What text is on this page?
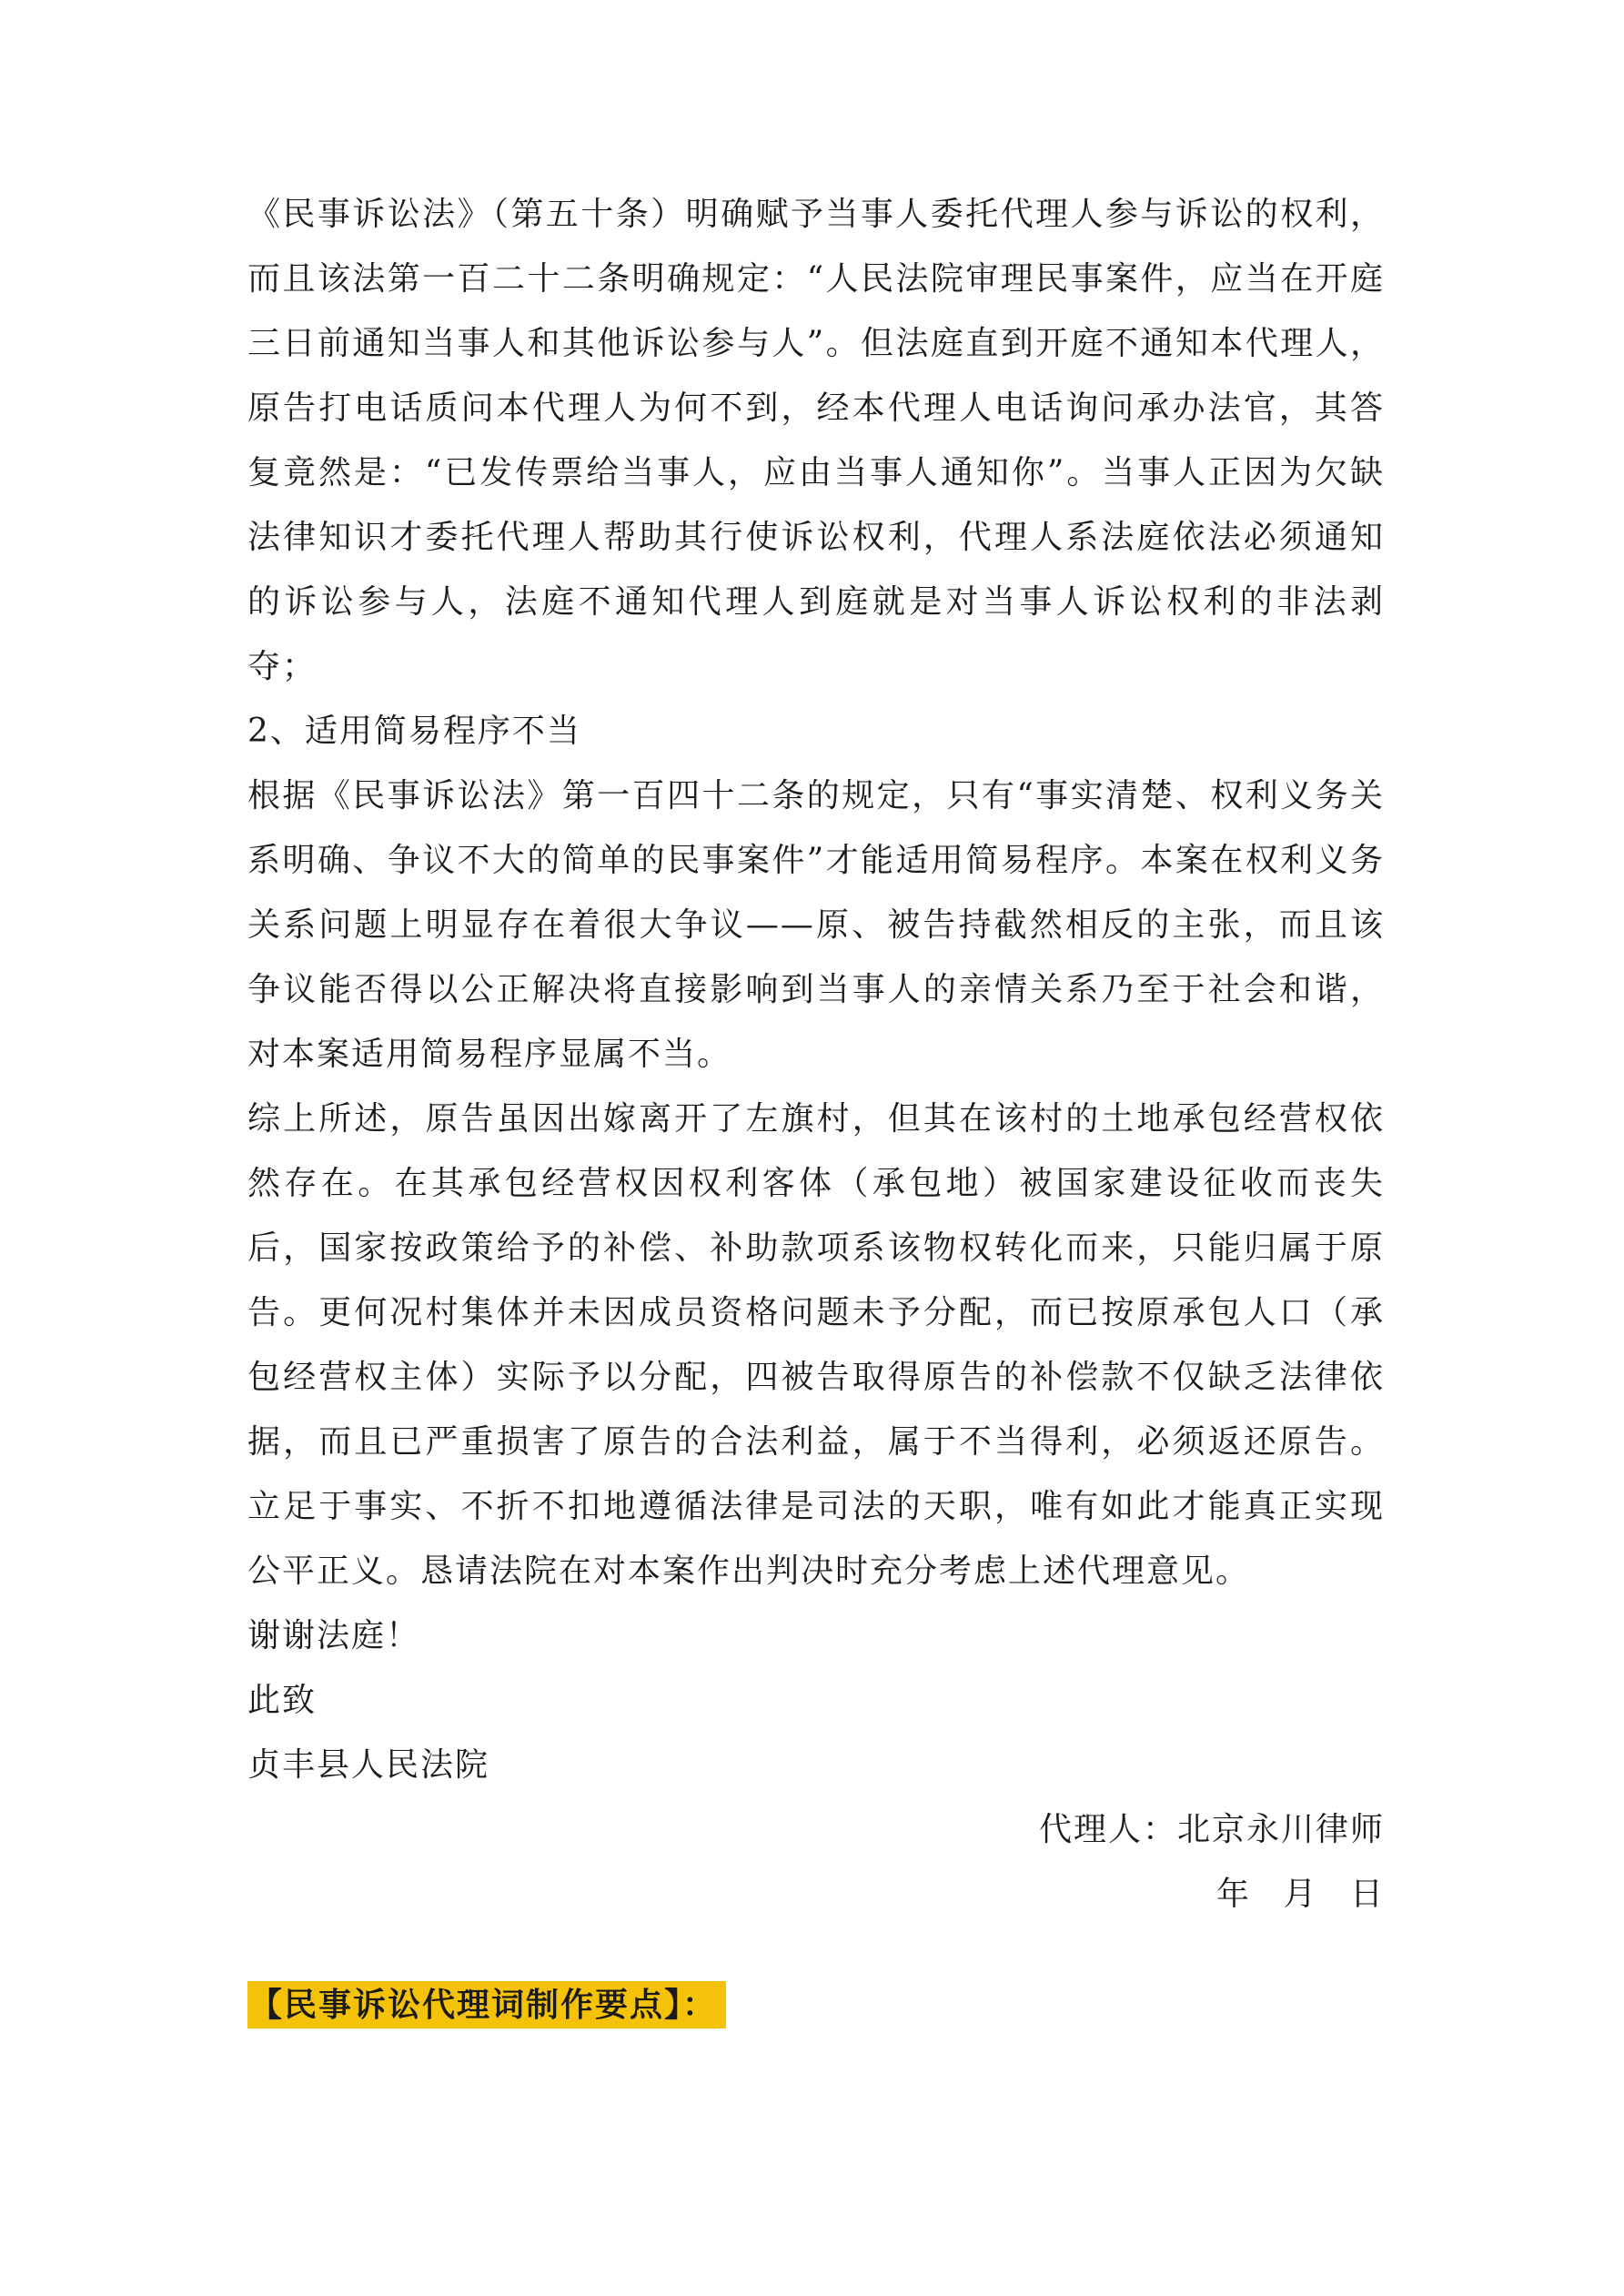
《民事诉讼法》（第五十条）明确赋予当事人委托代理人参与诉讼的权利，而且该法第一百二十二条明确规定：“人民法院审理民事案件，应当在开庭三日前通知当事人和其他诉讼参与人”。但法庭直到开庭不通知本代理人，原告打电话质问本代理人为何不到，经本代理人电话询问承办法官，其答复竟然是：“已发传票给当事人，应由当事人通知你”。当事人正因为欠缺法律知识才委托代理人帮助其行使诉讼权利，代理人系法庭依法必须通知的诉讼参与人，法庭不通知代理人到庭就是对当事人诉讼权利的非法剥夺；

2、适用简易程序不当

根据《民事诉讼法》第一百四十二条的规定，只有“事实清楚、权利义务关系明确、争议不大的简单的民事案件”才能适用简易程序。本案在权利义务关系问题上明显存在着很大争议——原、被告持截然相反的主张，而且该争议能否得以公正解决将直接影响到当事人的亲情关系乃至于社会和谐，对本案适用简易程序显属不当。

综上所述，原告虽因出嫁离开了左旗村，但其在该村的土地承包经营权依然存在。在其承包经营权因权利客体（承包地）被国家建设征收而丧失后，国家按政策给予的补偿、补助款项系该物权转化而来，只能归属于原告。更何况村集体并未因成员资格问题未予分配，而已按原承包人口（承包经营权主体）实际予以分配，四被告取得原告的补偿款不仅缺乏法律依据，而且已严重损害了原告的合法利益，属于不当得利，必须返还原告。立足于事实、不折不扣地遵循法律是司法的天职，唯有如此才能真正实现公平正义。恳请法院在对本案作出判决时充分考虑上述代理意见。

谢谢法庭！

此致

贞丰县人民法院

代理人：北京永川律师

年 月 日

【民事诉讼代理词制作要点】：
